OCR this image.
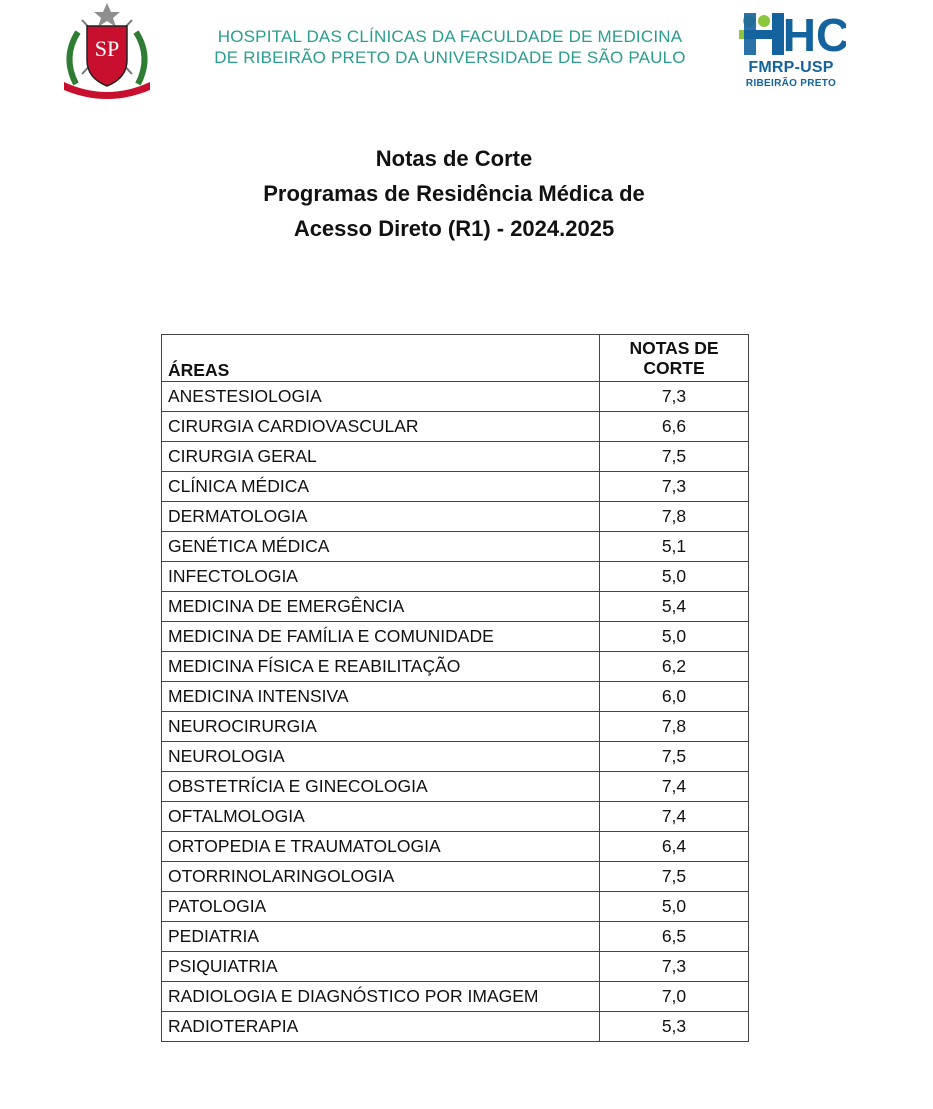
SP	HOSPITAL DAS CLÍNICAS DA FACULDADE DE MEDICINA
DE RIBEIRÃO PRETO DA UNIVERSIDADE DE SÃO PAULO	HC
FMRP-USP
RIBEIRÃO PRETO
Notas de Corte
Programas de Residência Médica de
Acesso Direto (R1) - 2024.2025
ÁREAS	NOTAS DE
CORTE

ANESTESIOLOGIA	7,3
CIRURGIA CARDIOVASCULAR	6,6
CIRURGIA GERAL	7,5
CLÍNICA MÉDICA	7,3
DERMATOLOGIA	7,8
GENÉTICA MÉDICA	5,1
INFECTOLOGIA	5,0
MEDICINA DE EMERGÊNCIA	5,4
MEDICINA DE FAMÍLIA E COMUNIDADE	5,0
MEDICINA FÍSICA E REABILITAÇÃO	6,2
MEDICINA INTENSIVA	6,0
NEUROCIRURGIA	7,8
NEUROLOGIA	7,5
OBSTETRÍCIA E GINECOLOGIA	7,4
OFTALMOLOGIA	7,4
ORTOPEDIA E TRAUMATOLOGIA	6,4
OTORRINOLARINGOLOGIA	7,5
PATOLOGIA	5,0
PEDIATRIA	6,5
PSIQUIATRIA	7,3
RADIOLOGIA E DIAGNÓSTICO POR IMAGEM	7,0
RADIOTERAPIA	5,3
